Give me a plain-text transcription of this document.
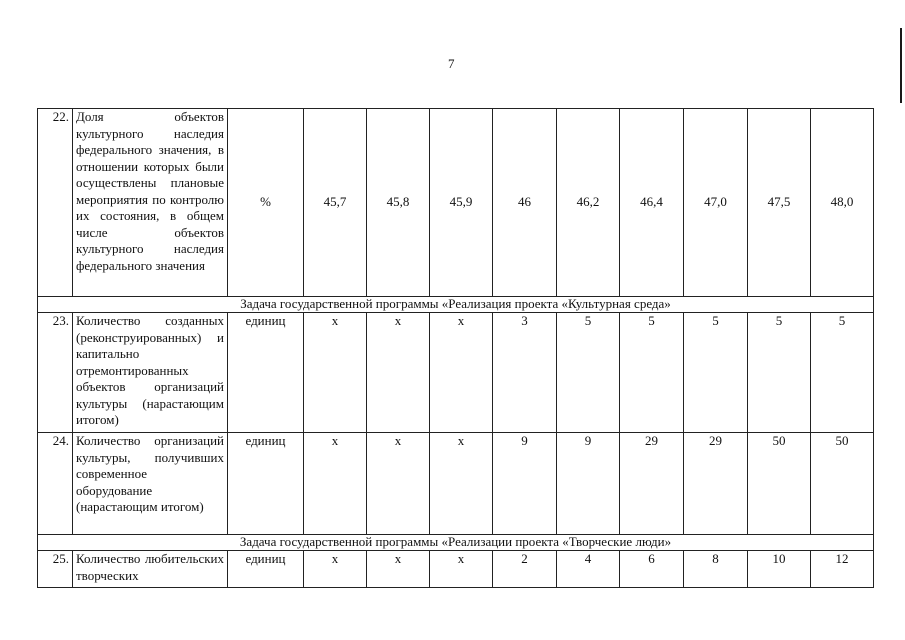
7
22.	Доля объектов культурного наследия федерального значения, в отношении которых были осуществлены плановые мероприятия по контролю их состояния, в общем числе объектов культурного наследия федерального значения	%	45,7	45,8	45,9	46	46,2	46,4	47,0	47,5	48,0
Задача государственной программы «Реализация проекта «Культурная среда»											
23.	Количество созданных (реконструированных) и капитально отремонтированных объектов организаций культуры (нарастающим итогом)	единиц	х	х	х	3	5	5	5	5	5
24.	Количество организаций культуры, получивших современное оборудование (нарастающим итогом)	единиц	х	х	х	9	9	29	29	50	50
Задача государственной программы «Реализации проекта «Творческие люди»											
25.	Количество любительских творческих	единиц	х	х	х	2	4	6	8	10	12
